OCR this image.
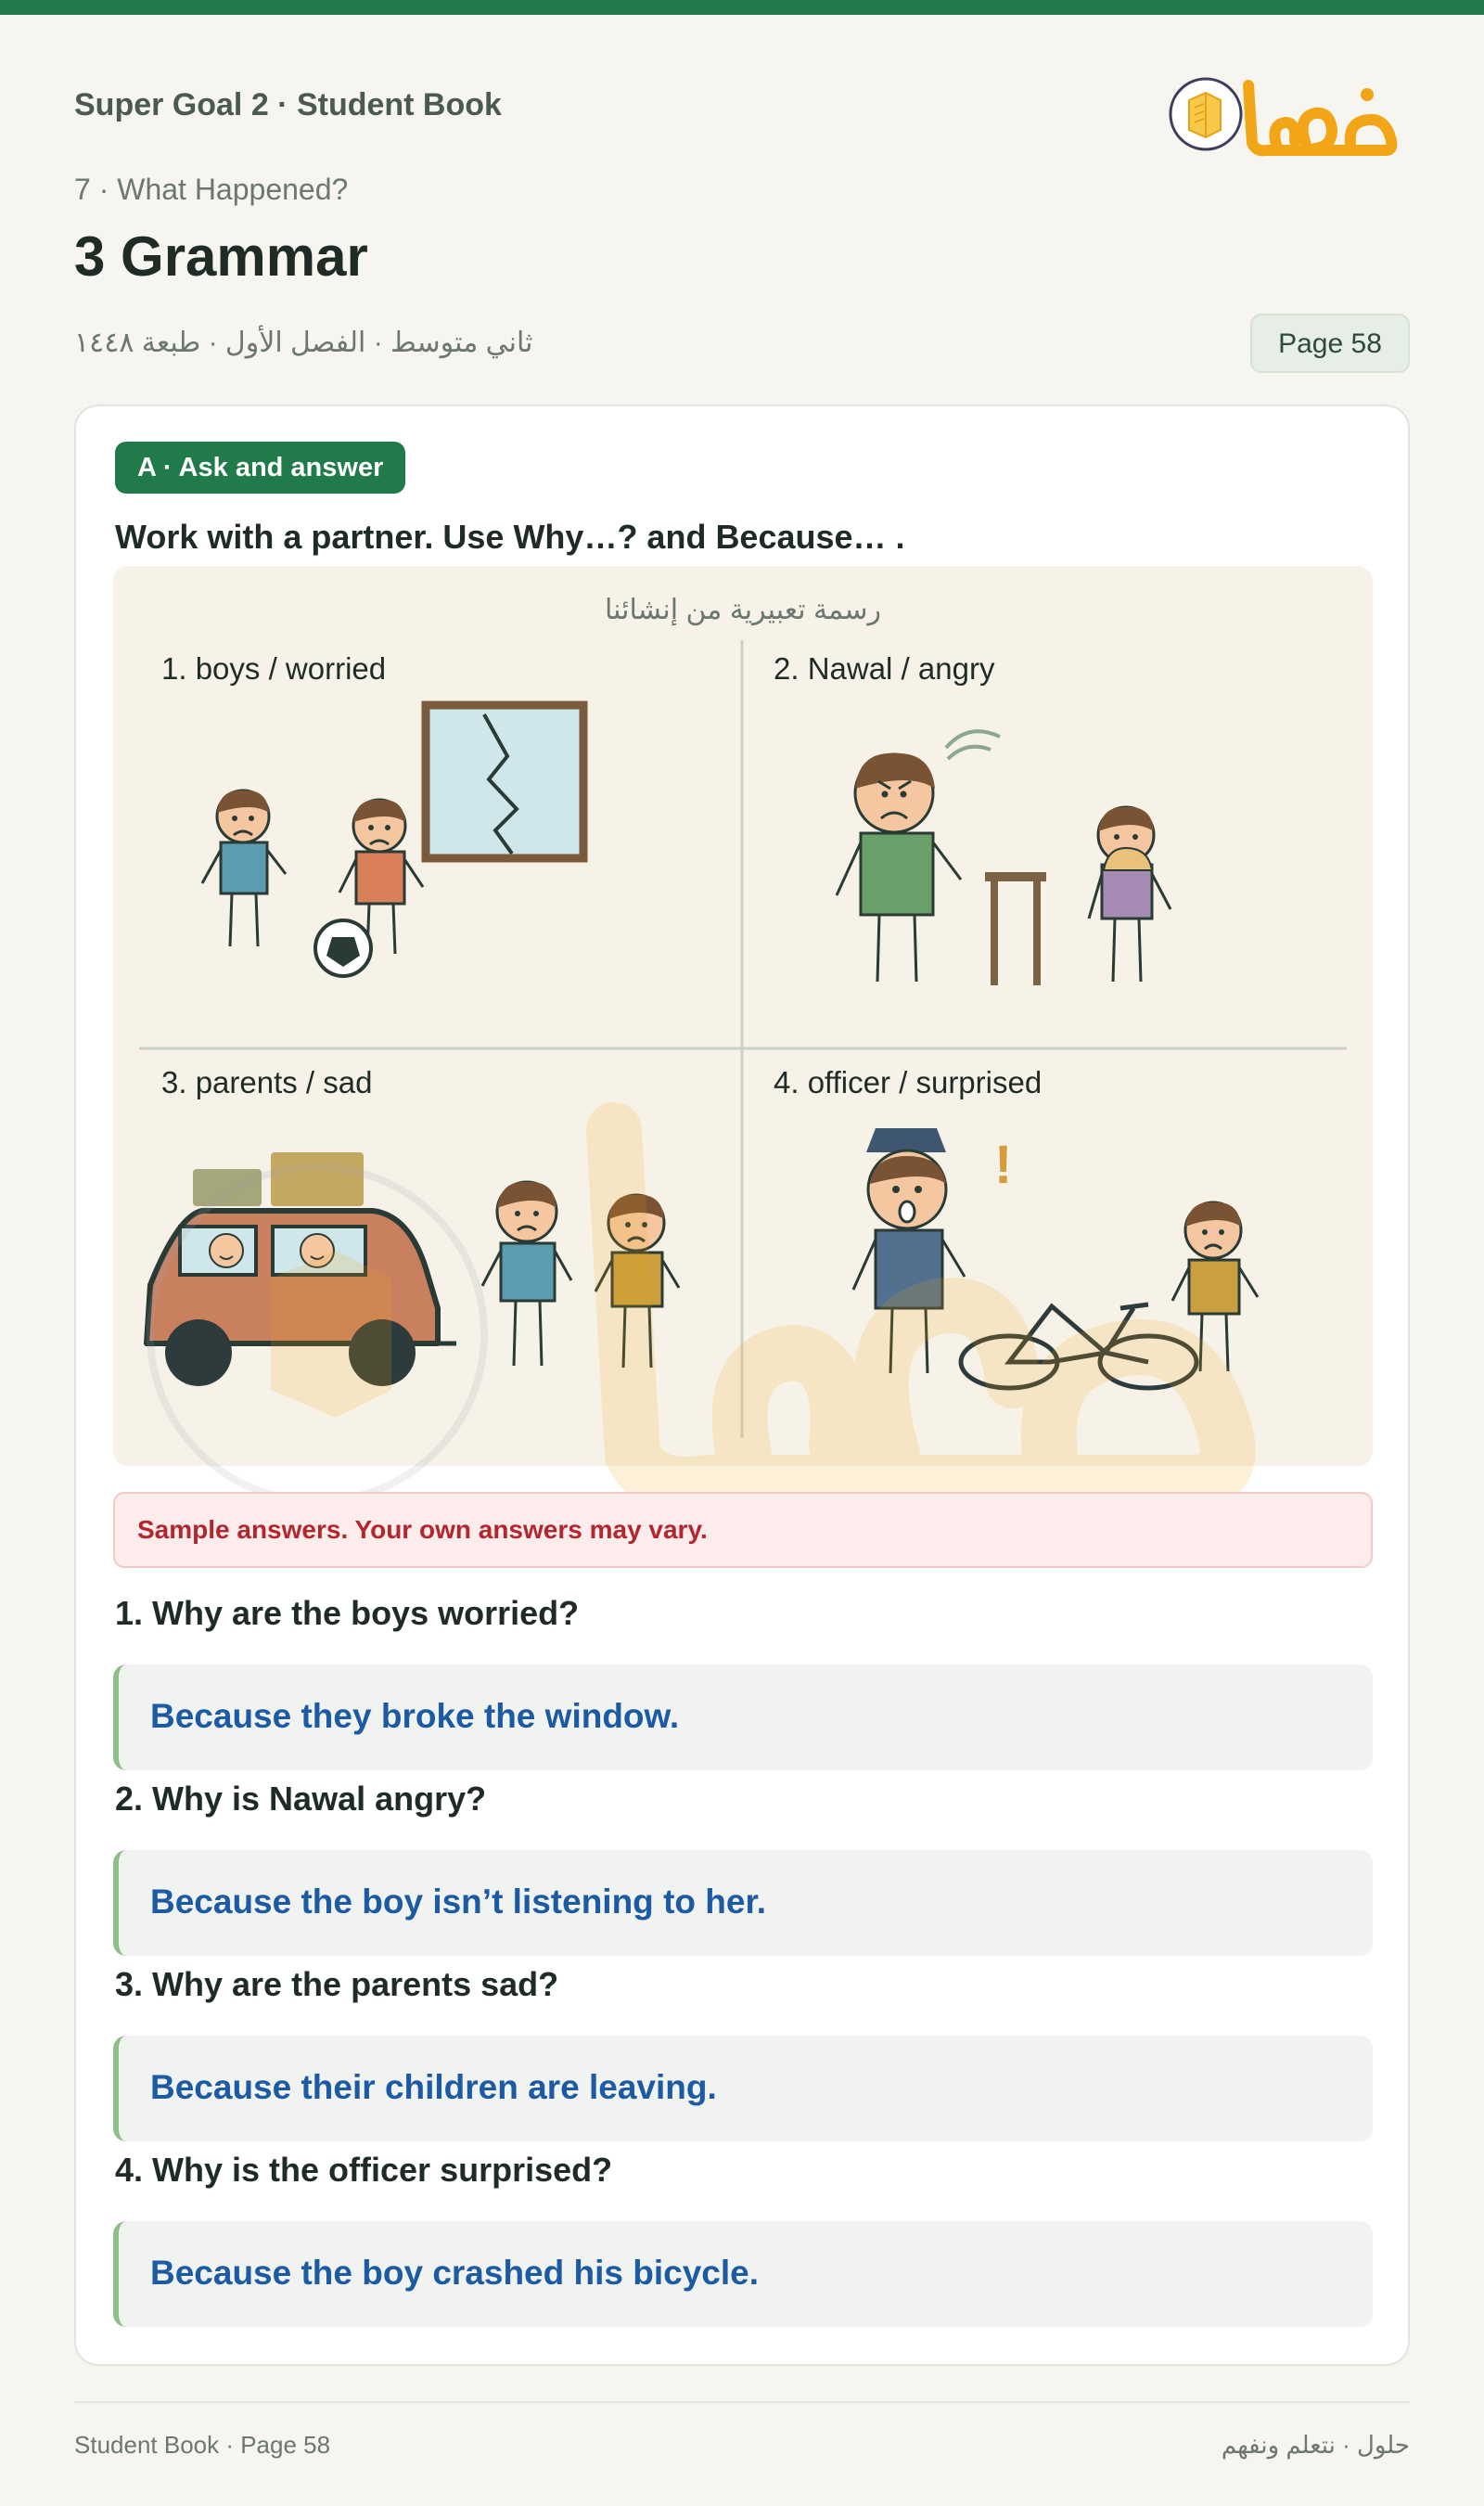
Super Goal 2 · Student Book
7 · What Happened?
3 Grammar
ثاني متوسط · الفصل الأول · طبعة ١٤٤٨	Page 58
A · Ask and answer
Work with a partner. Use Why…? and Because… .
رسمة تعبيرية من إنشائنا
1. boys / worried	2. Nawal / angry
3. parents / sad	4. officer / surprised
!
Sample answers. Your own answers may vary.
1. Why are the boys worried?
Because they broke the window.
2. Why is Nawal angry?
Because the boy isn’t listening to her.
3. Why are the parents sad?
Because their children are leaving.
4. Why is the officer surprised?
Because the boy crashed his bicycle.
Student Book · Page 58	حلول · نتعلم ونفهم
